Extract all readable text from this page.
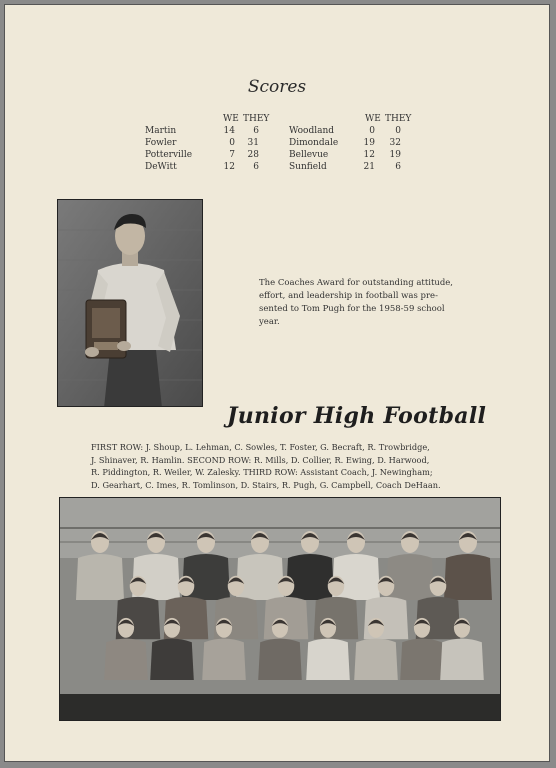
Scores
WE THEY
Martin	14	6
Fowler	0	31
Potterville	7	28
DeWitt	12	6
WE THEY
Woodland	0	0
Dimondale	19	32
Bellevue	12	19
Sunfield	21	6
The Coaches Award for outstanding attitude,
effort, and leadership in football was pre-
sented to Tom Pugh for the 1958-59 school
year.
Junior High Football
FIRST ROW: J. Shoup, L. Lehman, C. Sowles, T. Foster, G. Becraft, R. Trowbridge,
J. Shinaver, R. Hamlin. SECOND ROW: R. Mills, D. Collier, R. Ewing, D. Harwood,
R. Piddington, R. Weiler, W. Zalesky. THIRD ROW: Assistant Coach, J. Newingham;
D. Gearhart, C. Imes, R. Tomlinson, D. Stairs, R. Pugh, G. Campbell, Coach DeHaan.
